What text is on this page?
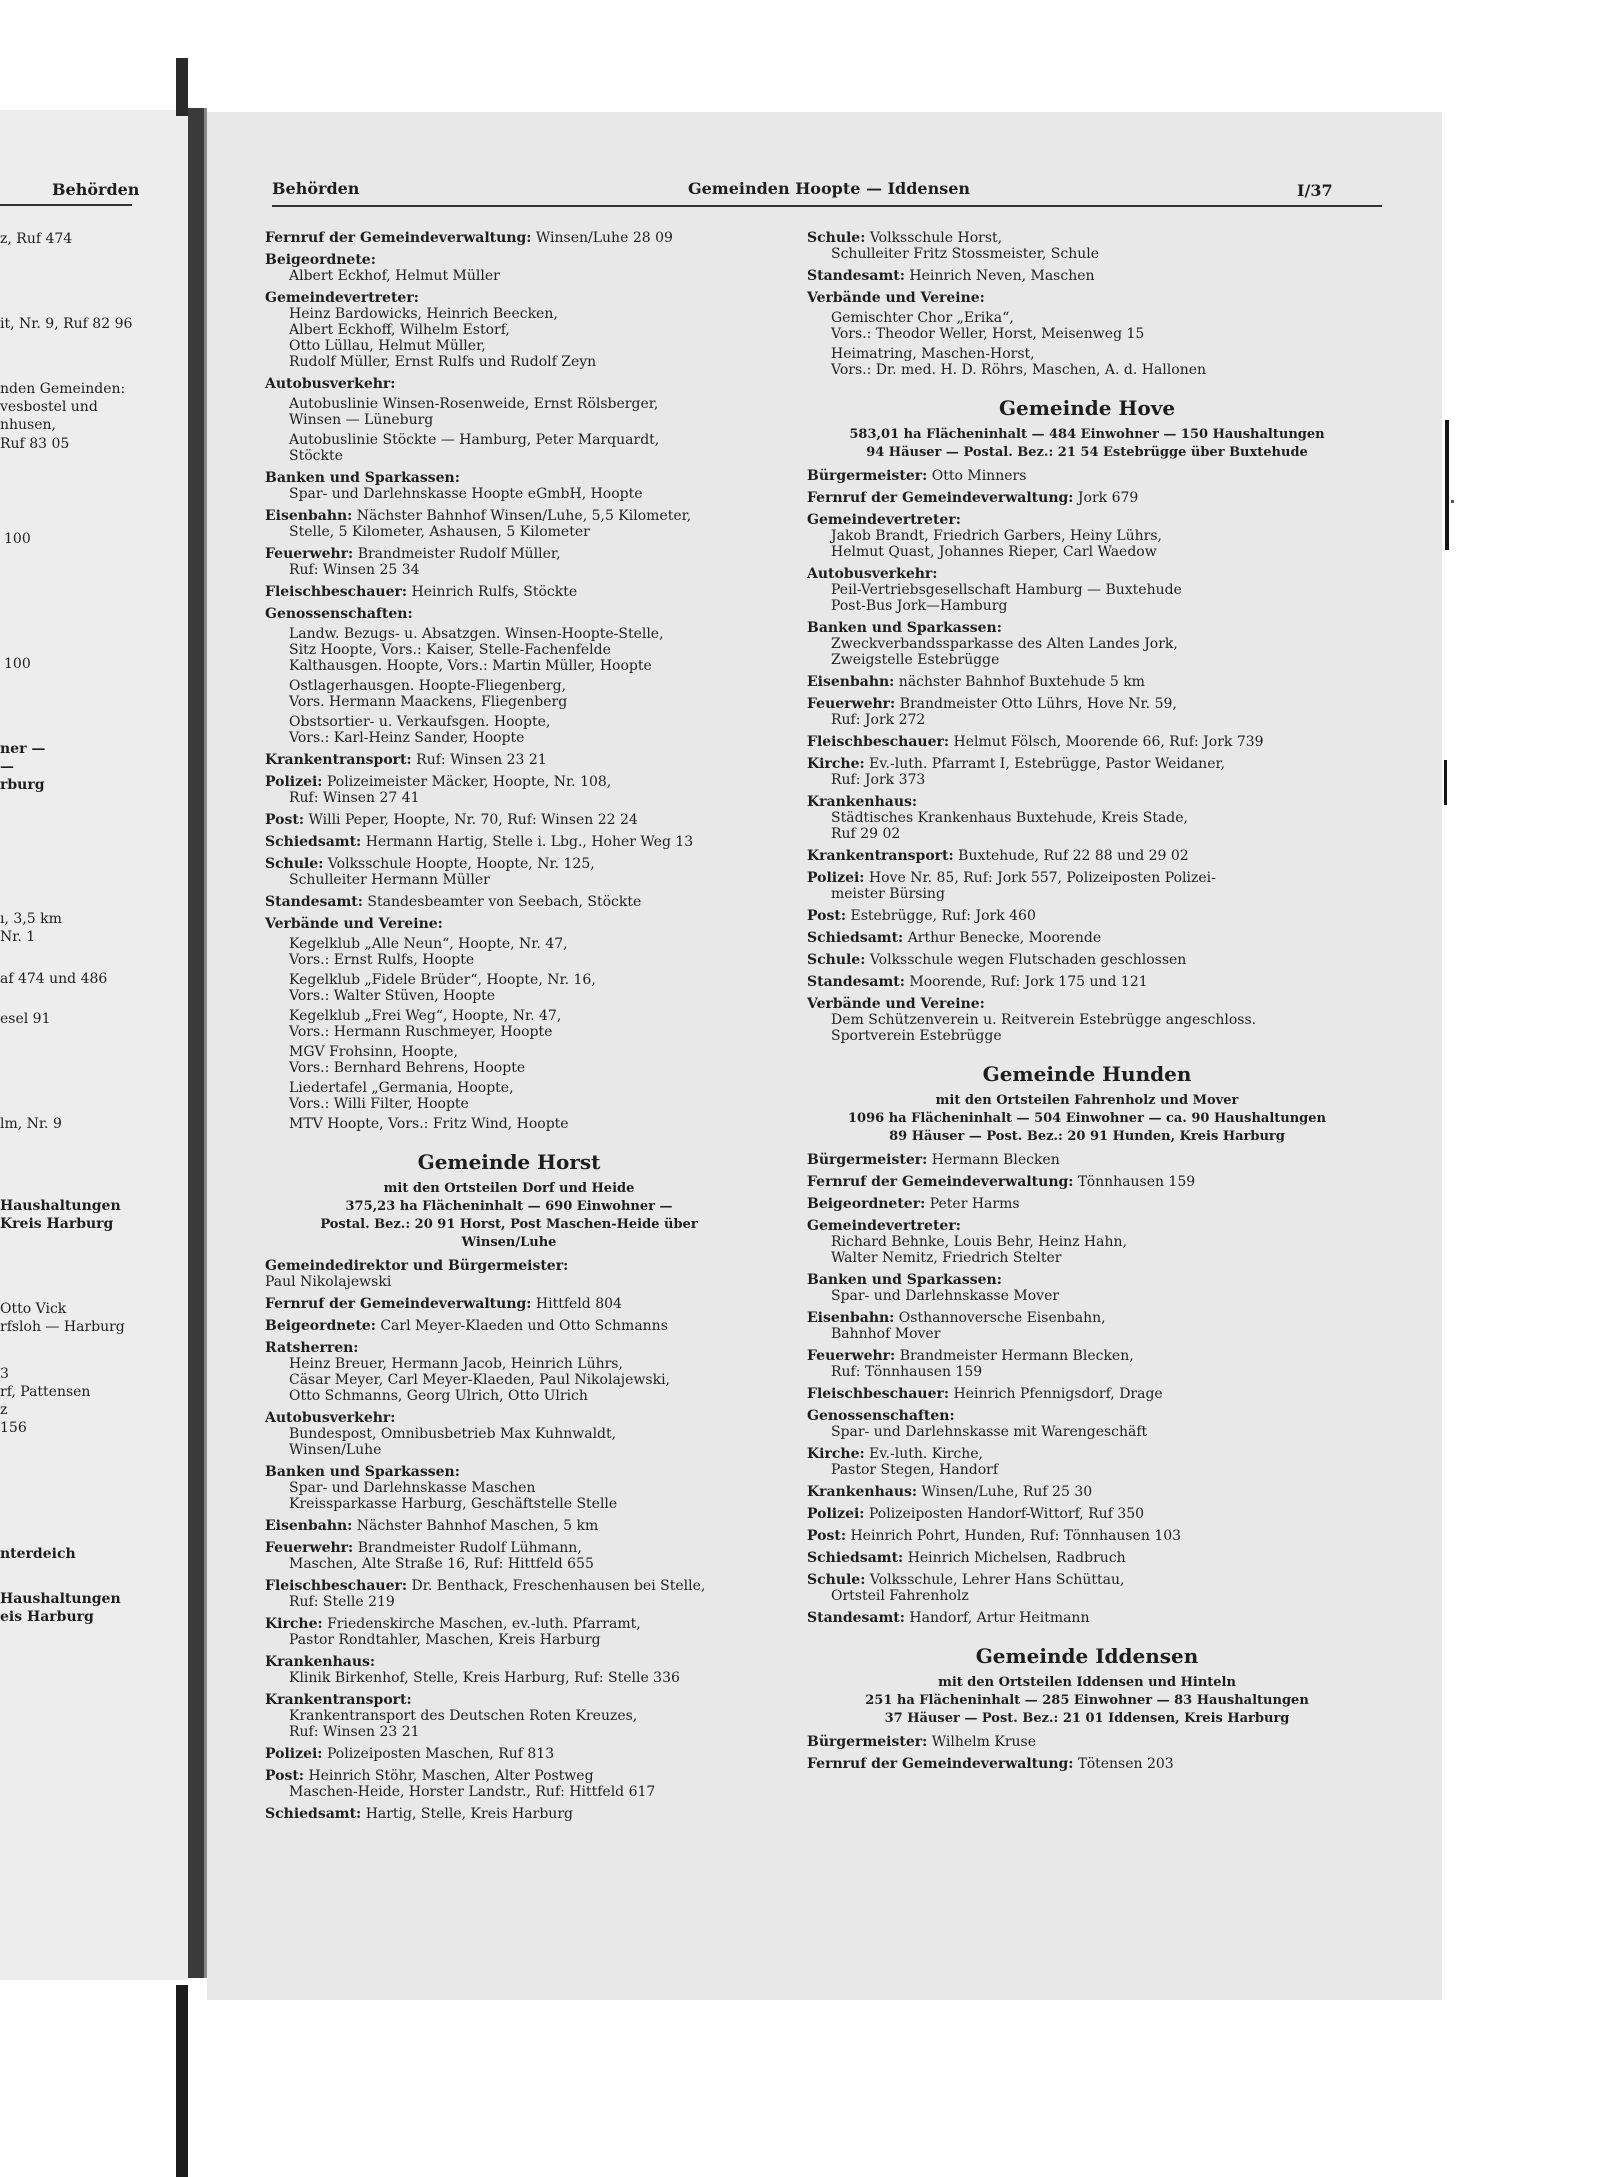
Behörden
z, Ruf 474
it, Nr. 9, Ruf 82 96
nden Gemeinden:
vesbostel und
nhusen,
Ruf 83 05
100
100
ner —
—
rburg
ı, 3,5 km
Nr. 1
af 474 und 486
esel 91
lm, Nr. 9
Haushaltungen
Kreis Harburg
Otto Vick
rfsloh — Harburg
3
rf, Pattensen
z
156
nterdeich
Haushaltungen
eis Harburg
Behörden	Gemeinden Hoopte — Iddensen	I/37
Fernruf der Gemeindeverwaltung: Winsen/Luhe 28 09
Beigeordnete:
Albert Eckhof, Helmut Müller
Gemeindevertreter:
Heinz Bardowicks, Heinrich Beecken,
Albert Eckhoff, Wilhelm Estorf,
Otto Lüllau, Helmut Müller,
Rudolf Müller, Ernst Rulfs und Rudolf Zeyn
Autobusverkehr:
Autobuslinie Winsen-Rosenweide, Ernst Rölsberger,
Winsen — Lüneburg
Autobuslinie Stöckte — Hamburg, Peter Marquardt,
Stöckte
Banken und Sparkassen:
Spar- und Darlehnskasse Hoopte eGmbH, Hoopte
Eisenbahn: Nächster Bahnhof Winsen/Luhe, 5,5 Kilometer,
Stelle, 5 Kilometer, Ashausen, 5 Kilometer
Feuerwehr: Brandmeister Rudolf Müller,
Ruf: Winsen 25 34
Fleischbeschauer: Heinrich Rulfs, Stöckte
Genossenschaften:
Landw. Bezugs- u. Absatzgen. Winsen-Hoopte-Stelle,
Sitz Hoopte, Vors.: Kaiser, Stelle-Fachenfelde
Kalthausgen. Hoopte, Vors.: Martin Müller, Hoopte
Ostlagerhausgen. Hoopte-Fliegenberg,
Vors. Hermann Maackens, Fliegenberg
Obstsortier- u. Verkaufsgen. Hoopte,
Vors.: Karl-Heinz Sander, Hoopte
Krankentransport: Ruf: Winsen 23 21
Polizei: Polizeimeister Mäcker, Hoopte, Nr. 108,
Ruf: Winsen 27 41
Post: Willi Peper, Hoopte, Nr. 70, Ruf: Winsen 22 24
Schiedsamt: Hermann Hartig, Stelle i. Lbg., Hoher Weg 13
Schule: Volksschule Hoopte, Hoopte, Nr. 125,
Schulleiter Hermann Müller
Standesamt: Standesbeamter von Seebach, Stöckte
Verbände und Vereine:
Kegelklub „Alle Neun“, Hoopte, Nr. 47,
Vors.: Ernst Rulfs, Hoopte
Kegelklub „Fidele Brüder“, Hoopte, Nr. 16,
Vors.: Walter Stüven, Hoopte
Kegelklub „Frei Weg“, Hoopte, Nr. 47,
Vors.: Hermann Ruschmeyer, Hoopte
MGV Frohsinn, Hoopte,
Vors.: Bernhard Behrens, Hoopte
Liedertafel „Germania, Hoopte,
Vors.: Willi Filter, Hoopte
MTV Hoopte, Vors.: Fritz Wind, Hoopte
Gemeinde Horst
mit den Ortsteilen Dorf und Heide
375,23 ha Flächeninhalt — 690 Einwohner —
Postal. Bez.: 20 91 Horst, Post Maschen-Heide über
Winsen/Luhe
Gemeindedirektor und Bürgermeister:
Paul Nikolajewski
Fernruf der Gemeindeverwaltung: Hittfeld 804
Beigeordnete: Carl Meyer-Klaeden und Otto Schmanns
Ratsherren:
Heinz Breuer, Hermann Jacob, Heinrich Lührs,
Cäsar Meyer, Carl Meyer-Klaeden, Paul Nikolajewski,
Otto Schmanns, Georg Ulrich, Otto Ulrich
Autobusverkehr:
Bundespost, Omnibusbetrieb Max Kuhnwaldt,
Winsen/Luhe
Banken und Sparkassen:
Spar- und Darlehnskasse Maschen
Kreissparkasse Harburg, Geschäftstelle Stelle
Eisenbahn: Nächster Bahnhof Maschen, 5 km
Feuerwehr: Brandmeister Rudolf Lühmann,
Maschen, Alte Straße 16, Ruf: Hittfeld 655
Fleischbeschauer: Dr. Benthack, Freschenhausen bei Stelle,
Ruf: Stelle 219
Kirche: Friedenskirche Maschen, ev.-luth. Pfarramt,
Pastor Rondtahler, Maschen, Kreis Harburg
Krankenhaus:
Klinik Birkenhof, Stelle, Kreis Harburg, Ruf: Stelle 336
Krankentransport:
Krankentransport des Deutschen Roten Kreuzes,
Ruf: Winsen 23 21
Polizei: Polizeiposten Maschen, Ruf 813
Post: Heinrich Stöhr, Maschen, Alter Postweg
Maschen-Heide, Horster Landstr., Ruf: Hittfeld 617
Schiedsamt: Hartig, Stelle, Kreis Harburg
Schule: Volksschule Horst,
Schulleiter Fritz Stossmeister, Schule
Standesamt: Heinrich Neven, Maschen
Verbände und Vereine:
Gemischter Chor „Erika“,
Vors.: Theodor Weller, Horst, Meisenweg 15
Heimatring, Maschen-Horst,
Vors.: Dr. med. H. D. Röhrs, Maschen, A. d. Hallonen
Gemeinde Hove
583,01 ha Flächeninhalt — 484 Einwohner — 150 Haushaltungen
94 Häuser — Postal. Bez.: 21 54 Estebrügge über Buxtehude
Bürgermeister: Otto Minners
Fernruf der Gemeindeverwaltung: Jork 679
Gemeindevertreter:
Jakob Brandt, Friedrich Garbers, Heiny Lührs,
Helmut Quast, Johannes Rieper, Carl Waedow
Autobusverkehr:
Peil-Vertriebsgesellschaft Hamburg — Buxtehude
Post-Bus Jork—Hamburg
Banken und Sparkassen:
Zweckverbandssparkasse des Alten Landes Jork,
Zweigstelle Estebrügge
Eisenbahn: nächster Bahnhof Buxtehude 5 km
Feuerwehr: Brandmeister Otto Lührs, Hove Nr. 59,
Ruf: Jork 272
Fleischbeschauer: Helmut Fölsch, Moorende 66, Ruf: Jork 739
Kirche: Ev.-luth. Pfarramt I, Estebrügge, Pastor Weidaner,
Ruf: Jork 373
Krankenhaus:
Städtisches Krankenhaus Buxtehude, Kreis Stade,
Ruf 29 02
Krankentransport: Buxtehude, Ruf 22 88 und 29 02
Polizei: Hove Nr. 85, Ruf: Jork 557, Polizeiposten Polizei-
meister Bürsing
Post: Estebrügge, Ruf: Jork 460
Schiedsamt: Arthur Benecke, Moorende
Schule: Volksschule wegen Flutschaden geschlossen
Standesamt: Moorende, Ruf: Jork 175 und 121
Verbände und Vereine:
Dem Schützenverein u. Reitverein Estebrügge angeschloss.
Sportverein Estebrügge
Gemeinde Hunden
mit den Ortsteilen Fahrenholz und Mover
1096 ha Flächeninhalt — 504 Einwohner — ca. 90 Haushaltungen
89 Häuser — Post. Bez.: 20 91 Hunden, Kreis Harburg
Bürgermeister: Hermann Blecken
Fernruf der Gemeindeverwaltung: Tönnhausen 159
Beigeordneter: Peter Harms
Gemeindevertreter:
Richard Behnke, Louis Behr, Heinz Hahn,
Walter Nemitz, Friedrich Stelter
Banken und Sparkassen:
Spar- und Darlehnskasse Mover
Eisenbahn: Osthannoversche Eisenbahn,
Bahnhof Mover
Feuerwehr: Brandmeister Hermann Blecken,
Ruf: Tönnhausen 159
Fleischbeschauer: Heinrich Pfennigsdorf, Drage
Genossenschaften:
Spar- und Darlehnskasse mit Warengeschäft
Kirche: Ev.-luth. Kirche,
Pastor Stegen, Handorf
Krankenhaus: Winsen/Luhe, Ruf 25 30
Polizei: Polizeiposten Handorf-Wittorf, Ruf 350
Post: Heinrich Pohrt, Hunden, Ruf: Tönnhausen 103
Schiedsamt: Heinrich Michelsen, Radbruch
Schule: Volksschule, Lehrer Hans Schüttau,
Ortsteil Fahrenholz
Standesamt: Handorf, Artur Heitmann
Gemeinde Iddensen
mit den Ortsteilen Iddensen und Hinteln
251 ha Flächeninhalt — 285 Einwohner — 83 Haushaltungen
37 Häuser — Post. Bez.: 21 01 Iddensen, Kreis Harburg
Bürgermeister: Wilhelm Kruse
Fernruf der Gemeindeverwaltung: Tötensen 203
